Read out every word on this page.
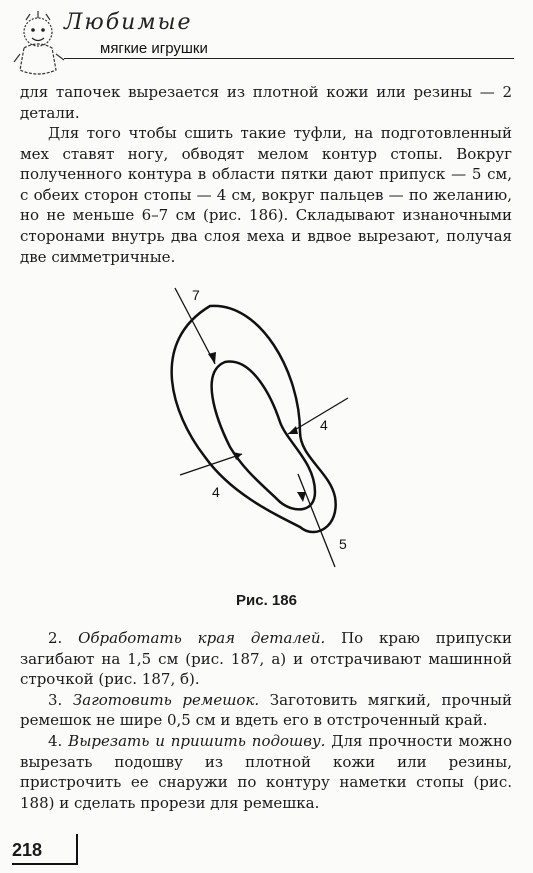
Любимые
мягкие игрушки
для тапочек вырезается из плотной кожи или резины — 2 детали.
Для того чтобы сшить такие туфли, на подготовленный мех ставят ногу, обводят мелом контур стопы. Вокруг полученного контура в области пятки дают припуск — 5 см, с обеих сторон стопы — 4 см, вокруг пальцев — по желанию, но не меньше 6–7 см (рис. 186). Складывают изнаночными сторонами внутрь два слоя меха и вдвое вырезают, получая две симметричные.
7
4
4
5
Рис. 186

2. Обработать края деталей. По краю припуски загибают на 1,5 см (рис. 187, а) и отстрачивают машинной строчкой (рис. 187, б).

3. Заготовить ремешок. Заготовить мягкий, прочный ремешок не шире 0,5 см и вдеть его в отстроченный край.

4. Вырезать и пришить подошву. Для прочности можно вырезать подошву из плотной кожи или резины, пристрочить ее снаружи по контуру наметки стопы (рис. 188) и сделать прорези для ремешка.

218
